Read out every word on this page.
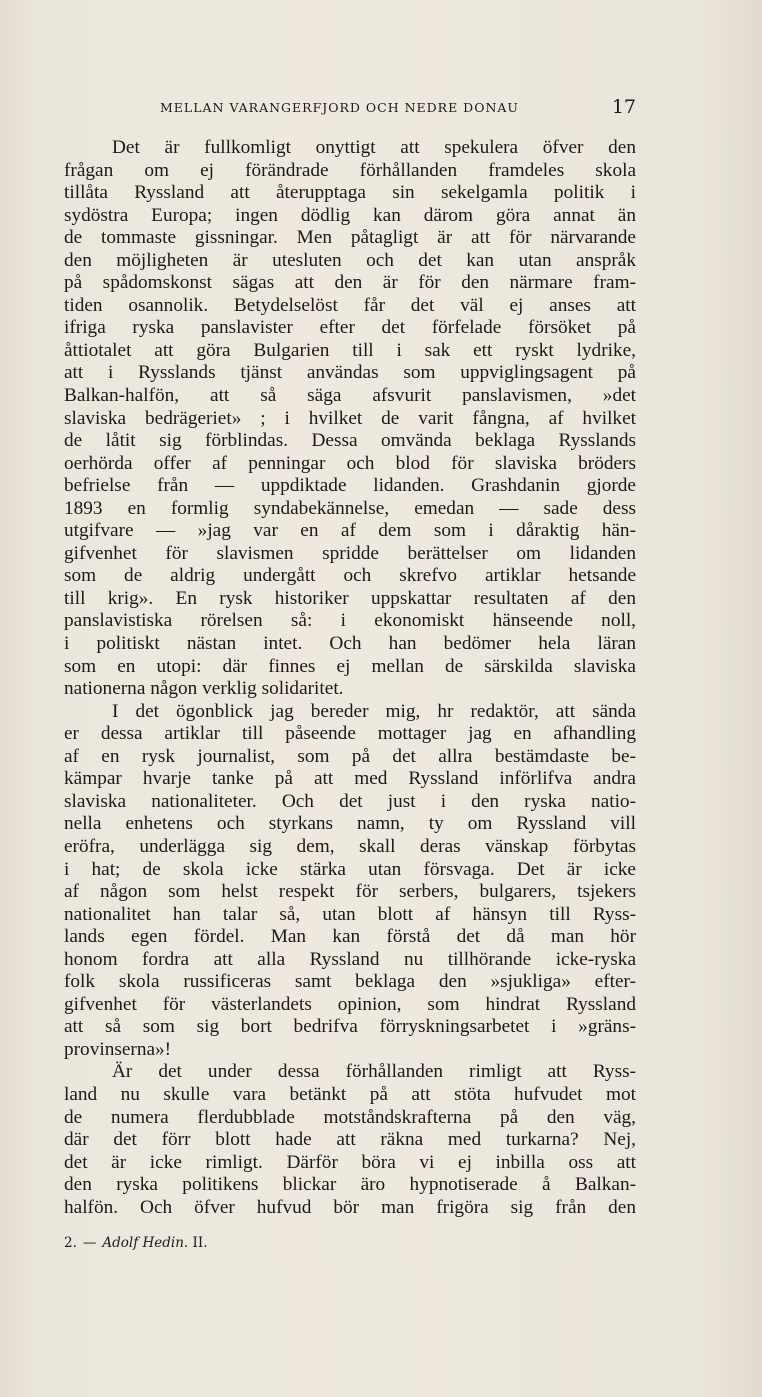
MELLAN VARANGERFJORD OCH NEDRE DONAU	17
Det är fullkomligt onyttigt att spekulera öfver den
frågan om ej förändrade förhållanden framdeles skola
tillåta Ryssland att återupptaga sin sekelgamla politik i
sydöstra Europa; ingen dödlig kan därom göra annat än
de tommaste gissningar. Men påtagligt är att för närvarande
den möjligheten är utesluten och det kan utan anspråk
på spådomskonst sägas att den är för den närmare fram-
tiden osannolik. Betydelselöst får det väl ej anses att
ifriga ryska panslavister efter det förfelade försöket på
åttiotalet att göra Bulgarien till i sak ett ryskt lydrike,
att i Rysslands tjänst användas som uppviglingsagent på
Balkan-halfön, att så säga afsvurit panslavismen, »det
slaviska bedrägeriet» ; i hvilket de varit fångna, af hvilket
de låtit sig förblindas. Dessa omvända beklaga Rysslands
oerhörda offer af penningar och blod för slaviska bröders
befrielse från — uppdiktade lidanden. Grashdanin gjorde
1893 en formlig syndabekännelse, emedan — sade dess
utgifvare — »jag var en af dem som i dåraktig hän-
gifvenhet för slavismen spridde berättelser om lidanden
som de aldrig undergått och skrefvo artiklar hetsande
till krig». En rysk historiker uppskattar resultaten af den
panslavistiska rörelsen så: i ekonomiskt hänseende noll,
i politiskt nästan intet. Och han bedömer hela läran
som en utopi: där finnes ej mellan de särskilda slaviska
nationerna någon verklig solidaritet.
I det ögonblick jag bereder mig, hr redaktör, att sända
er dessa artiklar till påseende mottager jag en afhandling
af en rysk journalist, som på det allra bestämdaste be-
kämpar hvarje tanke på att med Ryssland införlifva andra
slaviska nationaliteter. Och det just i den ryska natio-
nella enhetens och styrkans namn, ty om Ryssland vill
eröfra, underlägga sig dem, skall deras vänskap förbytas
i hat; de skola icke stärka utan försvaga. Det är icke
af någon som helst respekt för serbers, bulgarers, tsjekers
nationalitet han talar så, utan blott af hänsyn till Ryss-
lands egen fördel. Man kan förstå det då man hör
honom fordra att alla Ryssland nu tillhörande icke-ryska
folk skola russificeras samt beklaga den »sjukliga» efter-
gifvenhet för västerlandets opinion, som hindrat Ryssland
att så som sig bort bedrifva förryskningsarbetet i »gräns-
provinserna»!
Är det under dessa förhållanden rimligt att Ryss-
land nu skulle vara betänkt på att stöta hufvudet mot
de numera flerdubblade motståndskrafterna på den väg,
där det förr blott hade att räkna med turkarna? Nej,
det är icke rimligt. Därför böra vi ej inbilla oss att
den ryska politikens blickar äro hypnotiserade å Balkan-
halfön. Och öfver hufvud bör man frigöra sig från den
2. — Adolf Hedin. II.
